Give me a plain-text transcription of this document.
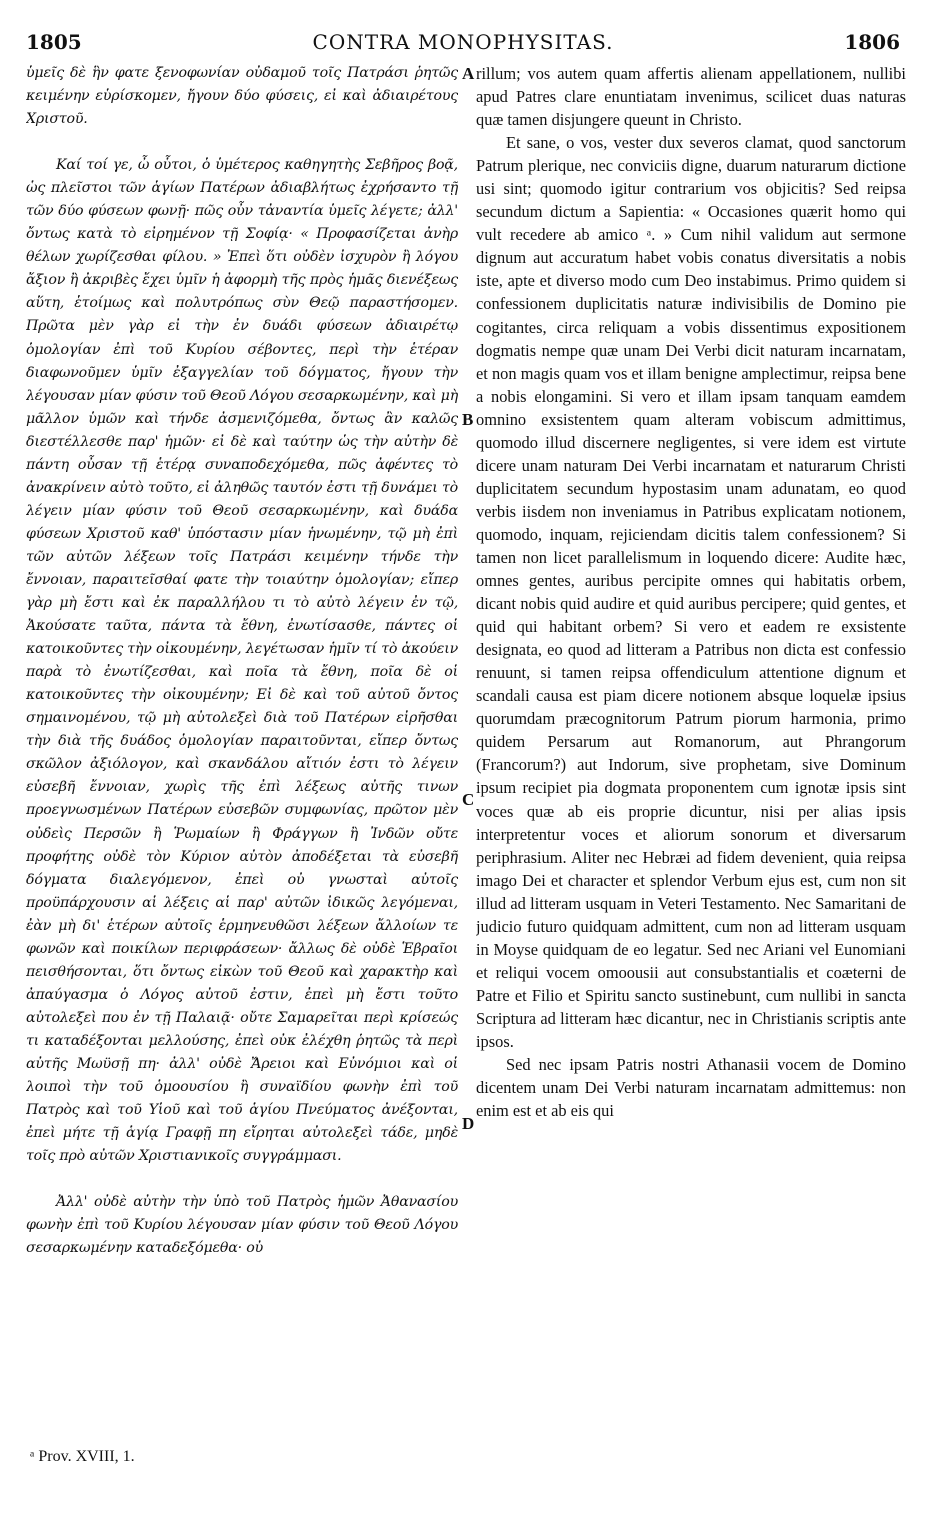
1805	CONTRA MONOPHYSITAS.	1806

ὑμεῖς δὲ ἣν φατε ξενοφωνίαν οὐδαμοῦ τοῖς Πατράσι ῥητῶς κειμένην εὑρίσκομεν, ἤγουν δύο φύσεις, εἰ καὶ ἀδιαιρέτους Χριστοῦ.

Καί τοί γε, ὦ οὗτοι, ὁ ὑμέτερος καθηγητὴς Σεβῆρος βοᾷ, ὡς πλεῖστοι τῶν ἁγίων Πατέρων ἀδιαβλήτως ἐχρήσαντο τῇ τῶν δύο φύσεων φωνῇ· πῶς οὖν τἀναντία ὑμεῖς λέγετε; ἀλλ' ὄντως κατὰ τὸ εἰρημένον τῇ Σοφίᾳ· « Προφασίζεται ἀνὴρ θέλων χωρίζεσθαι φίλου. » Ἐπεὶ ὅτι οὐδὲν ἰσχυρὸν ἢ λόγου ἄξιον ἢ ἀκριβὲς ἔχει ὑμῖν ἡ ἀφορμὴ τῆς πρὸς ἡμᾶς διενέξεως αὕτη, ἑτοίμως καὶ πολυτρόπως σὺν Θεῷ παραστήσομεν. Πρῶτα μὲν γὰρ εἰ τὴν ἐν δυάδι φύσεων ἀδιαιρέτῳ ὁμολογίαν ἐπὶ τοῦ Κυρίου σέβοντες, περὶ τὴν ἑτέραν διαφωνοῦμεν ὑμῖν ἐξαγγελίαν τοῦ δόγματος, ἤγουν τὴν λέγουσαν μίαν φύσιν τοῦ Θεοῦ Λόγου σεσαρκωμένην, καὶ μὴ μᾶλλον ὑμῶν καὶ τήνδε ἀσμενιζόμεθα, ὄντως ἂν καλῶς διεστέλλεσθε παρ' ἡμῶν· εἰ δὲ καὶ ταύτην ὡς τὴν αὐτὴν δὲ πάντη οὖσαν τῇ ἑτέρᾳ συναποδεχόμεθα, πῶς ἀφέντες τὸ ἀνακρίνειν αὐτὸ τοῦτο, εἰ ἀληθῶς ταυτόν ἐστι τῇ δυνάμει τὸ λέγειν μίαν φύσιν τοῦ Θεοῦ σεσαρκωμένην, καὶ δυάδα φύσεων Χριστοῦ καθ' ὑπόστασιν μίαν ἡνωμένην, τῷ μὴ ἐπὶ τῶν αὐτῶν λέξεων τοῖς Πατράσι κειμένην τήνδε τὴν ἔννοιαν, παραιτεῖσθαί φατε τὴν τοιαύτην ὁμολογίαν; εἴπερ γὰρ μὴ ἔστι καὶ ἐκ παραλλήλου τι τὸ αὐτὸ λέγειν ἐν τῷ, Ἀκούσατε ταῦτα, πάντα τὰ ἔθνη, ἐνωτίσασθε, πάντες οἱ κατοικοῦντες τὴν οἰκουμένην, λεγέτωσαν ἡμῖν τί τὸ ἀκούειν παρὰ τὸ ἐνωτίζεσθαι, καὶ ποῖα τὰ ἔθνη, ποῖα δὲ οἱ κατοικοῦντες τὴν οἰκουμένην; Εἰ δὲ καὶ τοῦ αὐτοῦ ὄντος σημαινομένου, τῷ μὴ αὐτολεξεὶ διὰ τοῦ Πατέρων εἰρῆσθαι τὴν διὰ τῆς δυάδος ὁμολογίαν παραιτοῦνται, εἴπερ ὄντως σκῶλον ἀξιόλογον, καὶ σκανδάλου αἴτιόν ἐστι τὸ λέγειν εὐσεβῆ ἔννοιαν, χωρὶς τῆς ἐπὶ λέξεως αὐτῆς τινων προεγνωσμένων Πατέρων εὐσεβῶν συμφωνίας, πρῶτον μὲν οὐδεὶς Περσῶν ἢ Ῥωμαίων ἢ Φράγγων ἢ Ἰνδῶν οὔτε προφήτης οὐδὲ τὸν Κύριον αὐτὸν ἀποδέξεται τὰ εὐσεβῆ δόγματα διαλεγόμενον, ἐπεὶ οὐ γνωσταὶ αὐτοῖς προϋπάρχουσιν αἱ λέξεις αἱ παρ' αὐτῶν ἰδικῶς λεγόμεναι, ἐὰν μὴ δι' ἑτέρων αὐτοῖς ἑρμηνευθῶσι λέξεων ἄλλοίων τε φωνῶν καὶ ποικίλων περιφράσεων· ἄλλως δὲ οὐδὲ Ἑβραῖοι πεισθήσονται, ὅτι ὄντως εἰκὼν τοῦ Θεοῦ καὶ χαρακτὴρ καὶ ἀπαύγασμα ὁ Λόγος αὐτοῦ ἐστιν, ἐπεὶ μὴ ἔστι τοῦτο αὐτολεξεὶ που ἐν τῇ Παλαιᾷ· οὔτε Σαμαρεῖται περὶ κρίσεώς τι καταδέξονται μελλούσης, ἐπεὶ οὐκ ἐλέχθη ῥητῶς τὰ περὶ αὐτῆς Μωϋσῇ πη· ἀλλ' οὐδὲ Ἄρειοι καὶ Εὐνόμιοι καὶ οἱ λοιποὶ τὴν τοῦ ὁμοουσίου ἢ συναϊδίου φωνὴν ἐπὶ τοῦ Πατρὸς καὶ τοῦ Υἱοῦ καὶ τοῦ ἁγίου Πνεύματος ἀνέξονται, ἐπεὶ μήτε τῇ ἁγίᾳ Γραφῇ πη εἴρηται αὐτολεξεὶ τάδε, μηδὲ τοῖς πρὸ αὐτῶν Χριστιανικοῖς συγγράμμασι.

Ἀλλ' οὐδὲ αὐτὴν τὴν ὑπὸ τοῦ Πατρὸς ἡμῶν Ἀθανασίου φωνὴν ἐπὶ τοῦ Κυρίου λέγουσαν μίαν φύσιν τοῦ Θεοῦ Λόγου σεσαρκωμένην καταδεξόμεθα· οὐ

A
B
C
D

rillum; vos autem quam affertis alienam appellationem, nullibi apud Patres clare enuntiatam invenimus, scilicet duas naturas quæ tamen disjungere queunt in Christo.

Et sane, o vos, vester dux severos clamat, quod sanctorum Patrum plerique, nec conviciis digne, duarum naturarum dictione usi sint; quomodo igitur contrarium vos objicitis? Sed reipsa secundum dictum a Sapientia: « Occasiones quærit homo qui vult recedere ab amico ᵃ. » Cum nihil validum aut sermone dignum aut accuratum habet vobis conatus diversitatis a nobis iste, apte et diverso modo cum Deo instabimus. Primo quidem si confessionem duplicitatis naturæ indivisibilis de Domino pie cogitantes, circa reliquam a vobis dissentimus expositionem dogmatis nempe quæ unam Dei Verbi dicit naturam incarnatam, et non magis quam vos et illam benigne amplectimur, reipsa bene a nobis elongamini. Si vero et illam ipsam tanquam eamdem omnino exsistentem quam alteram vobiscum admittimus, quomodo illud discernere negligentes, si vere idem est virtute dicere unam naturam Dei Verbi incarnatam et naturarum Christi duplicitatem secundum hypostasim unam adunatam, eo quod verbis iisdem non inveniamus in Patribus explicatam notionem, quomodo, inquam, rejiciendam dicitis talem confessionem? Si tamen non licet parallelismum in loquendo dicere: Audite hæc, omnes gentes, auribus percipite omnes qui habitatis orbem, dicant nobis quid audire et quid auribus percipere; quid gentes, et quid qui habitant orbem? Si vero et eadem re exsistente designata, eo quod ad litteram a Patribus non dicta est confessio renuunt, si tamen reipsa offendiculum attentione dignum et scandali causa est piam dicere notionem absque loquelæ ipsius quorumdam præcognitorum Patrum piorum harmonia, primo quidem Persarum aut Romanorum, aut Phrangorum (Francorum?) aut Indorum, sive prophetam, sive Dominum ipsum recipiet pia dogmata proponentem cum ignotæ ipsis sint voces quæ ab eis proprie dicuntur, nisi per alias ipsis interpretentur voces et aliorum sonorum et diversarum periphrasium. Aliter nec Hebræi ad fidem devenient, quia reipsa imago Dei et character et splendor Verbum ejus est, cum non sit illud ad litteram usquam in Veteri Testamento. Nec Samaritani de judicio futuro quidquam admittent, cum non ad litteram usquam in Moyse quidquam de eo legatur. Sed nec Ariani vel Eunomiani et reliqui vocem omoousii aut consubstantialis et coæterni de Patre et Filio et Spiritu sancto sustinebunt, cum nullibi in sancta Scriptura ad litteram hæc dicantur, nec in Christianis scriptis ante ipsos.

Sed nec ipsam Patris nostri Athanasii vocem de Domino dicentem unam Dei Verbi naturam incarnatam admittemus: non enim est et ab eis qui

ᵃ Prov. XVIII, 1.
